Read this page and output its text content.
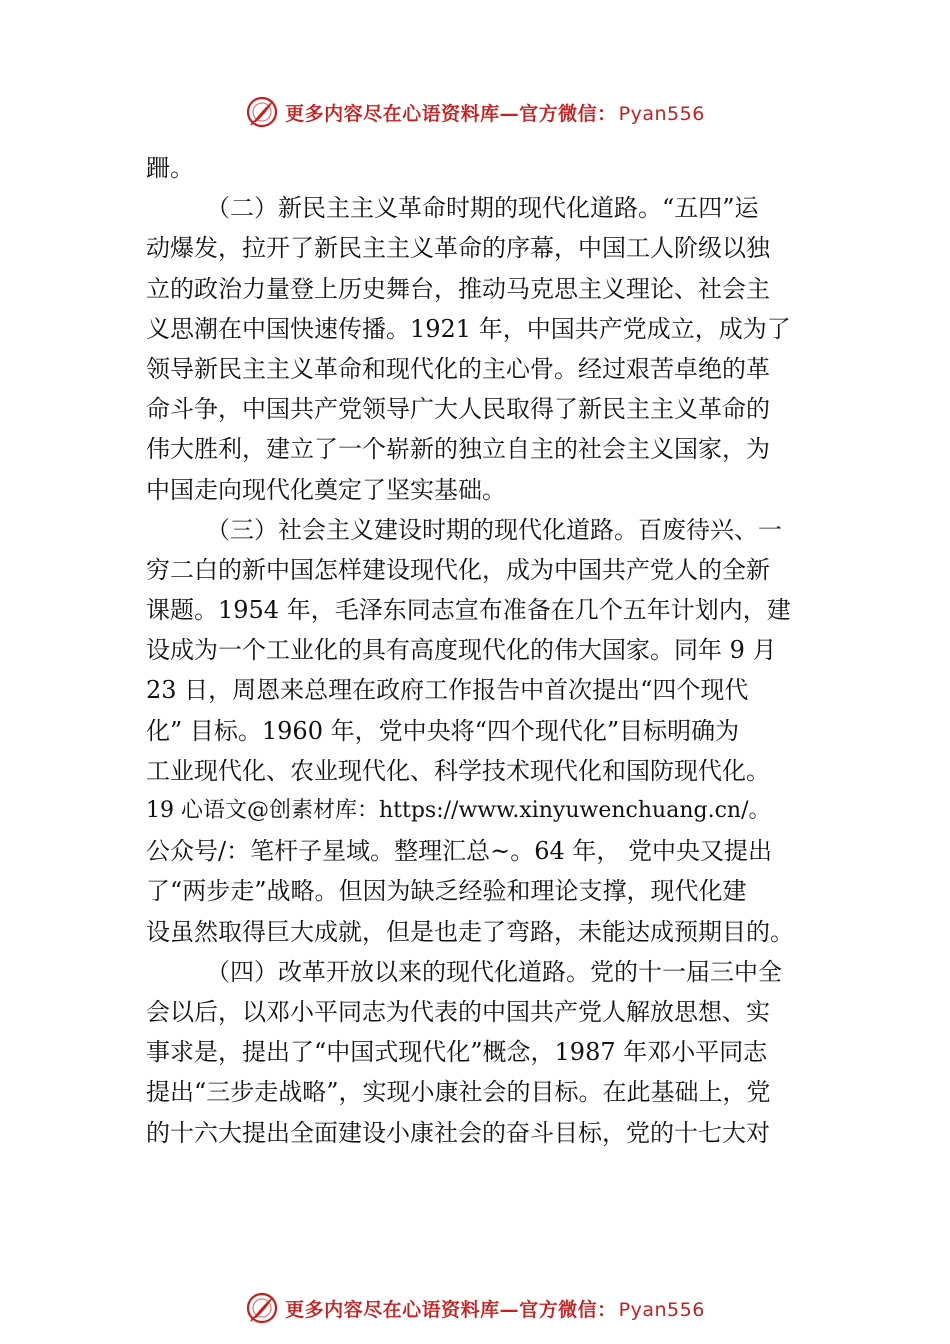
更多内容尽在心语资料库—官方微信： Pyan556
跚。
（二）新民主主义革命时期的现代化道路。“五四”运
动爆发，拉开了新民主主义革命的序幕，中国工人阶级以独
立的政治力量登上历史舞台，推动马克思主义理论、社会主
义思潮在中国快速传播。1921 年，中国共产党成立，成为了
领导新民主主义革命和现代化的主心骨。经过艰苦卓绝的革
命斗争，中国共产党领导广大人民取得了新民主主义革命的
伟大胜利，建立了一个崭新的独立自主的社会主义国家，为
中国走向现代化奠定了坚实基础。
（三）社会主义建设时期的现代化道路。百废待兴、一
穷二白的新中国怎样建设现代化，成为中国共产党人的全新
课题。1954 年，毛泽东同志宣布准备在几个五年计划内，建
设成为一个工业化的具有高度现代化的伟大国家。同年 9 月
23 日，周恩来总理在政府工作报告中首次提出“四个现代
化” 目标。1960 年，党中央将“四个现代化”目标明确为
工业现代化、农业现代化、科学技术现代化和国防现代化。
19 心语文@创素材库：https://www.xinyuwenchuang.cn/。
公众号/：笔杆子星域。整理汇总~。64 年， 党中央又提出
了“两步走”战略。但因为缺乏经验和理论支撑，现代化建
设虽然取得巨大成就，但是也走了弯路，未能达成预期目的。
（四）改革开放以来的现代化道路。党的十一届三中全
会以后，以邓小平同志为代表的中国共产党人解放思想、实
事求是，提出了“中国式现代化”概念，1987 年邓小平同志
提出“三步走战略”，实现小康社会的目标。在此基础上，党
的十六大提出全面建设小康社会的奋斗目标，党的十七大对
更多内容尽在心语资料库—官方微信： Pyan556
